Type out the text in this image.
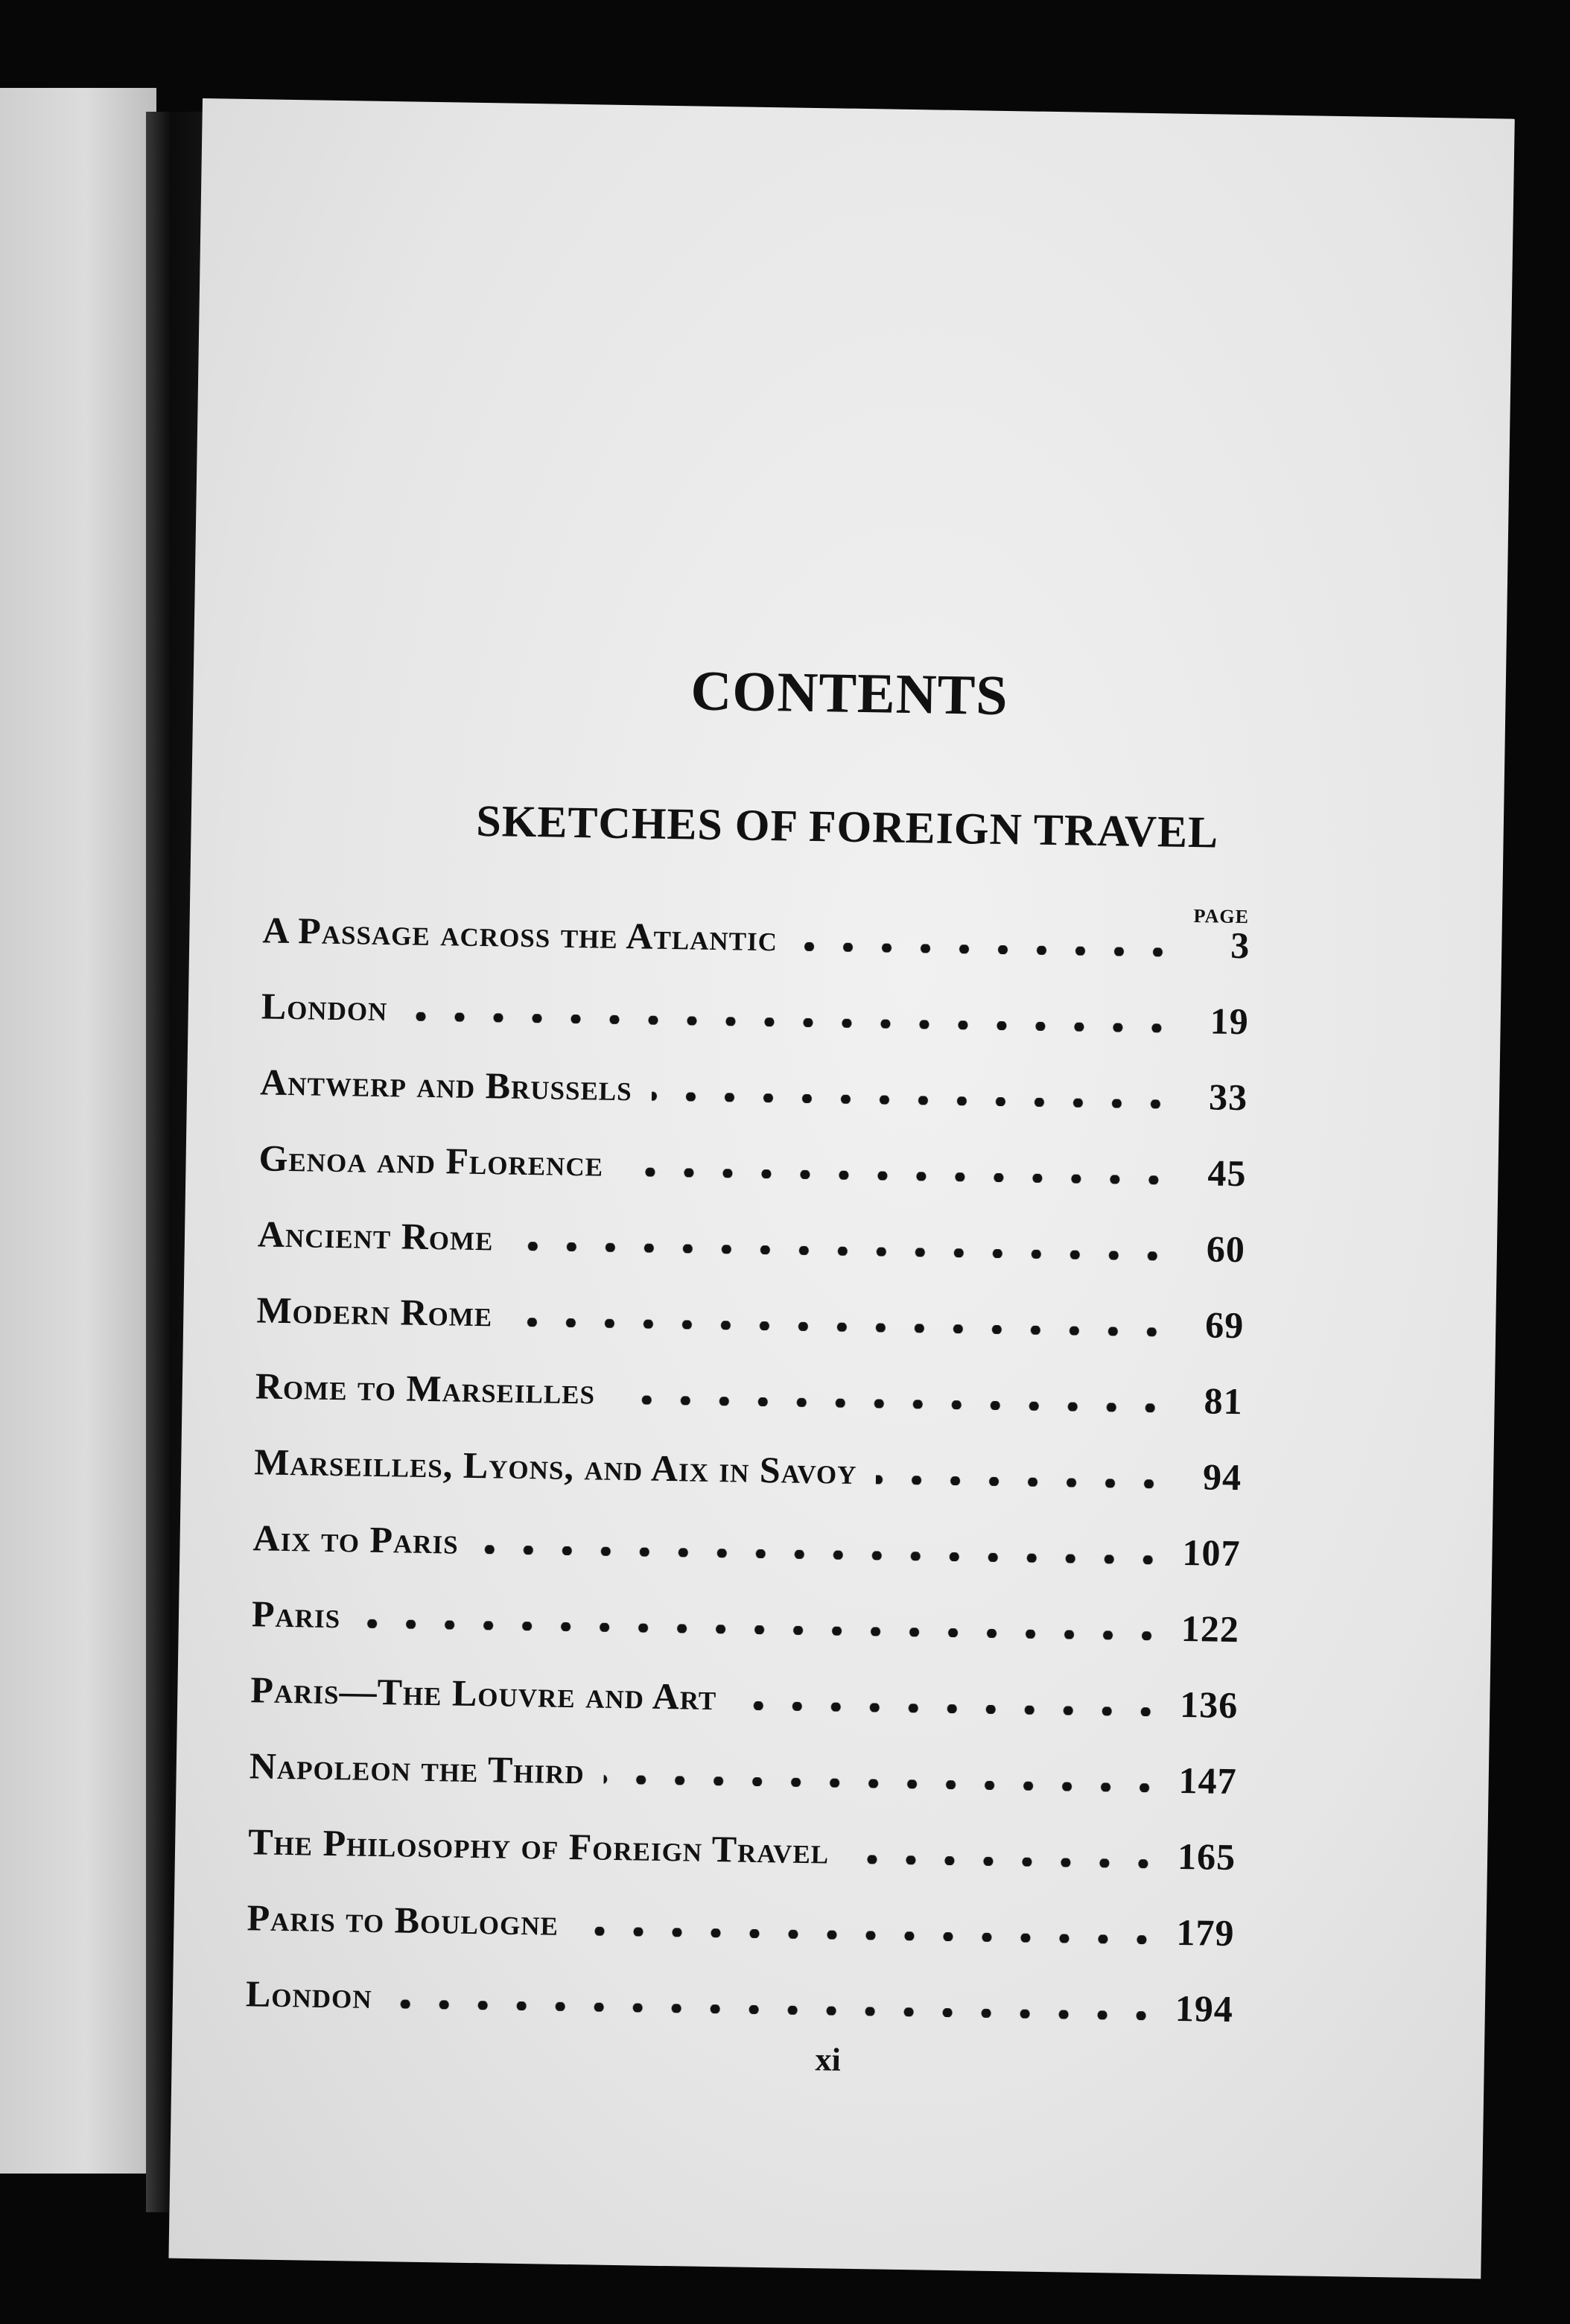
CONTENTS
SKETCHES OF FOREIGN TRAVEL
PAGE
A Passage across the Atlantic	3
London	19
Antwerp and Brussels	33
Genoa and Florence	45
Ancient Rome	60
Modern Rome	69
Rome to Marseilles	81
Marseilles, Lyons, and Aix in Savoy	94
Aix to Paris	107
Paris	122
Paris—The Louvre and Art	136
Napoleon the Third	147
The Philosophy of Foreign Travel	165
Paris to Boulogne	179
London	194
xi
